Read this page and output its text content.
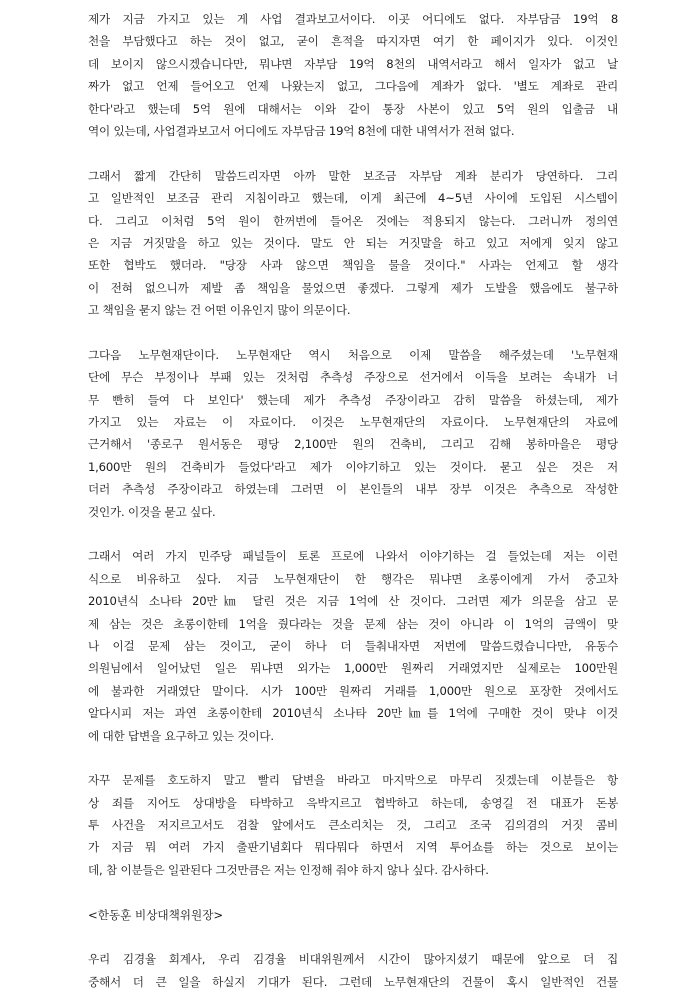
제가 지금 가지고 있는 게 사업 결과보고서이다. 이곳 어디에도 없다. 자부담금 19억 8
천을 부담했다고 하는 것이 없고, 굳이 흔적을 따지자면 여기 한 페이지가 있다. 이것인
데 보이지 않으시겠습니다만, 뭐냐면 자부담 19억 8천의 내역서라고 해서 일자가 없고 날
짜가 없고 언제 들어오고 언제 나왔는지 없고, 그다음에 계좌가 없다. '별도 계좌로 관리
한다'라고 했는데 5억 원에 대해서는 이와 같이 통장 사본이 있고 5억 원의 입출금 내
역이 있는데, 사업결과보고서 어디에도 자부담금 19억 8천에 대한 내역서가 전혀 없다.
그래서 짧게 간단히 말씀드리자면 아까 말한 보조금 자부담 계좌 분리가 당연하다. 그리
고 일반적인 보조금 관리 지침이라고 했는데, 이게 최근에 4~5년 사이에 도입된 시스템이
다. 그리고 이처럼 5억 원이 한꺼번에 들어온 것에는 적용되지 않는다. 그러니까 정의연
은 지금 거짓말을 하고 있는 것이다. 말도 안 되는 거짓말을 하고 있고 저에게 잊지 않고
또한 협박도 했더라. "당장 사과 않으면 책임을 물을 것이다." 사과는 언제고 할 생각
이 전혀 없으니까 제발 좀 책임을 물었으면 좋겠다. 그렇게 제가 도발을 했음에도 불구하
고 책임을 묻지 않는 건 어떤 이유인지 많이 의문이다.
그다음 노무현재단이다. 노무현재단 역시 처음으로 이제 말씀을 해주셨는데 '노무현재
단에 무슨 부정이나 부패 있는 것처럼 추측성 주장으로 선거에서 이득을 보려는 속내가 너
무 빤히 들여 다 보인다' 했는데 제가 추측성 주장이라고 감히 말씀을 하셨는데, 제가
가지고 있는 자료는 이 자료이다. 이것은 노무현재단의 자료이다. 노무현재단의 자료에
근거해서 '종로구 원서동은 평당 2,100만 원의 건축비, 그리고 김해 봉하마을은 평당
1,600만 원의 건축비가 들었다'라고 제가 이야기하고 있는 것이다. 묻고 싶은 것은 저
더러 추측성 주장이라고 하였는데 그러면 이 본인들의 내부 장부 이것은 추측으로 작성한
것인가. 이것을 묻고 싶다.
그래서 여러 가지 민주당 패널들이 토론 프로에 나와서 이야기하는 걸 들었는데 저는 이런
식으로 비유하고 싶다. 지금 노무현재단이 한 행각은 뭐냐면 초롱이에게 가서 중고차
2010년식 소나타 20만㎞ 달린 것은 지금 1억에 산 것이다. 그러면 제가 의문을 삼고 문
제 삼는 것은 초롱이한테 1억을 줬다라는 것을 문제 삼는 것이 아니라 이 1억의 금액이 맞
나 이걸 문제 삼는 것이고, 굳이 하나 더 들춰내자면 저번에 말씀드렸습니다만, 유동수
의원님에서 일어났던 일은 뭐냐면 외가는 1,000만 원짜리 거래였지만 실제로는 100만원
에 불과한 거래였단 말이다. 시가 100만 원짜리 거래를 1,000만 원으로 포장한 것에서도
알다시피 저는 과연 초롱이한테 2010년식 소나타 20만㎞를 1억에 구매한 것이 맞냐 이것
에 대한 답변을 요구하고 있는 것이다.
자꾸 문제를 호도하지 말고 빨리 답변을 바라고 마지막으로 마무리 짓겠는데 이분들은 항
상 죄를 지어도 상대방을 타박하고 윽박지르고 협박하고 하는데, 송영길 전 대표가 돈봉
투 사건을 저지르고서도 검찰 앞에서도 큰소리치는 것, 그리고 조국 김의겸의 거짓 콤비
가 지금 뭐 여러 가지 출판기념회다 뭐다뭐다 하면서 지역 투어쇼를 하는 것으로 보이는
데, 참 이분들은 일관된다 그것만큼은 저는 인정해 줘야 하지 않나 싶다. 감사하다.
<한동훈 비상대책위원장>
우리 김경율 회계사, 우리 김경율 비대위원께서 시간이 많아지셨기 때문에 앞으로 더 집
중해서 더 큰 일을 하실지 기대가 된다. 그런데 노무현재단의 건물이 혹시 일반적인 건물
